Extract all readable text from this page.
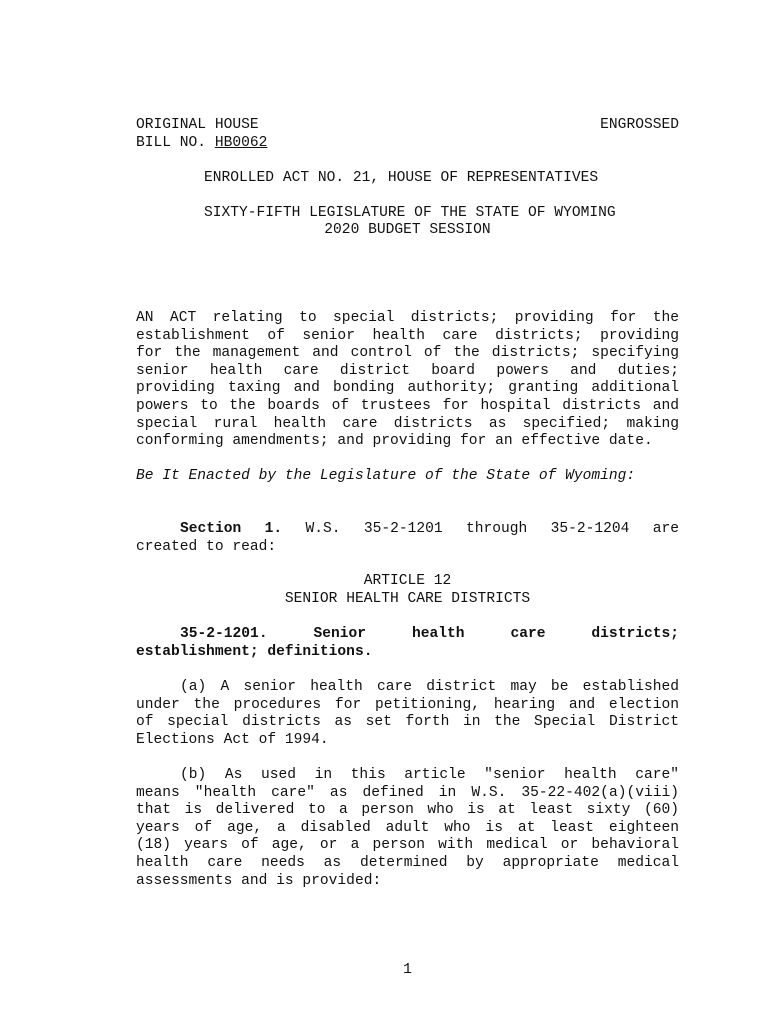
ORIGINAL HOUSE	ENGROSSED
BILL NO. HB0062
ENROLLED ACT NO. 21, HOUSE OF REPRESENTATIVES
SIXTY-FIFTH LEGISLATURE OF THE STATE OF WYOMING
2020 BUDGET SESSION
AN ACT relating to special districts; providing for the
establishment of senior health care districts; providing
for the management and control of the districts; specifying
senior health care district board powers and duties;
providing taxing and bonding authority; granting additional
powers to the boards of trustees for hospital districts and
special rural health care districts as specified; making
conforming amendments; and providing for an effective date.
Be It Enacted by the Legislature of the State of Wyoming:
Section 1. W.S. 35-2-1201 through 35-2-1204 are
created to read:
ARTICLE 12
SENIOR HEALTH CARE DISTRICTS
35-2-1201. Senior health care districts;
establishment; definitions.
(a) A senior health care district may be established
under the procedures for petitioning, hearing and election
of special districts as set forth in the Special District
Elections Act of 1994.
(b) As used in this article "senior health care"
means "health care" as defined in W.S. 35-22-402(a)(viii)
that is delivered to a person who is at least sixty (60)
years of age, a disabled adult who is at least eighteen
(18) years of age, or a person with medical or behavioral
health care needs as determined by appropriate medical
assessments and is provided:
1
